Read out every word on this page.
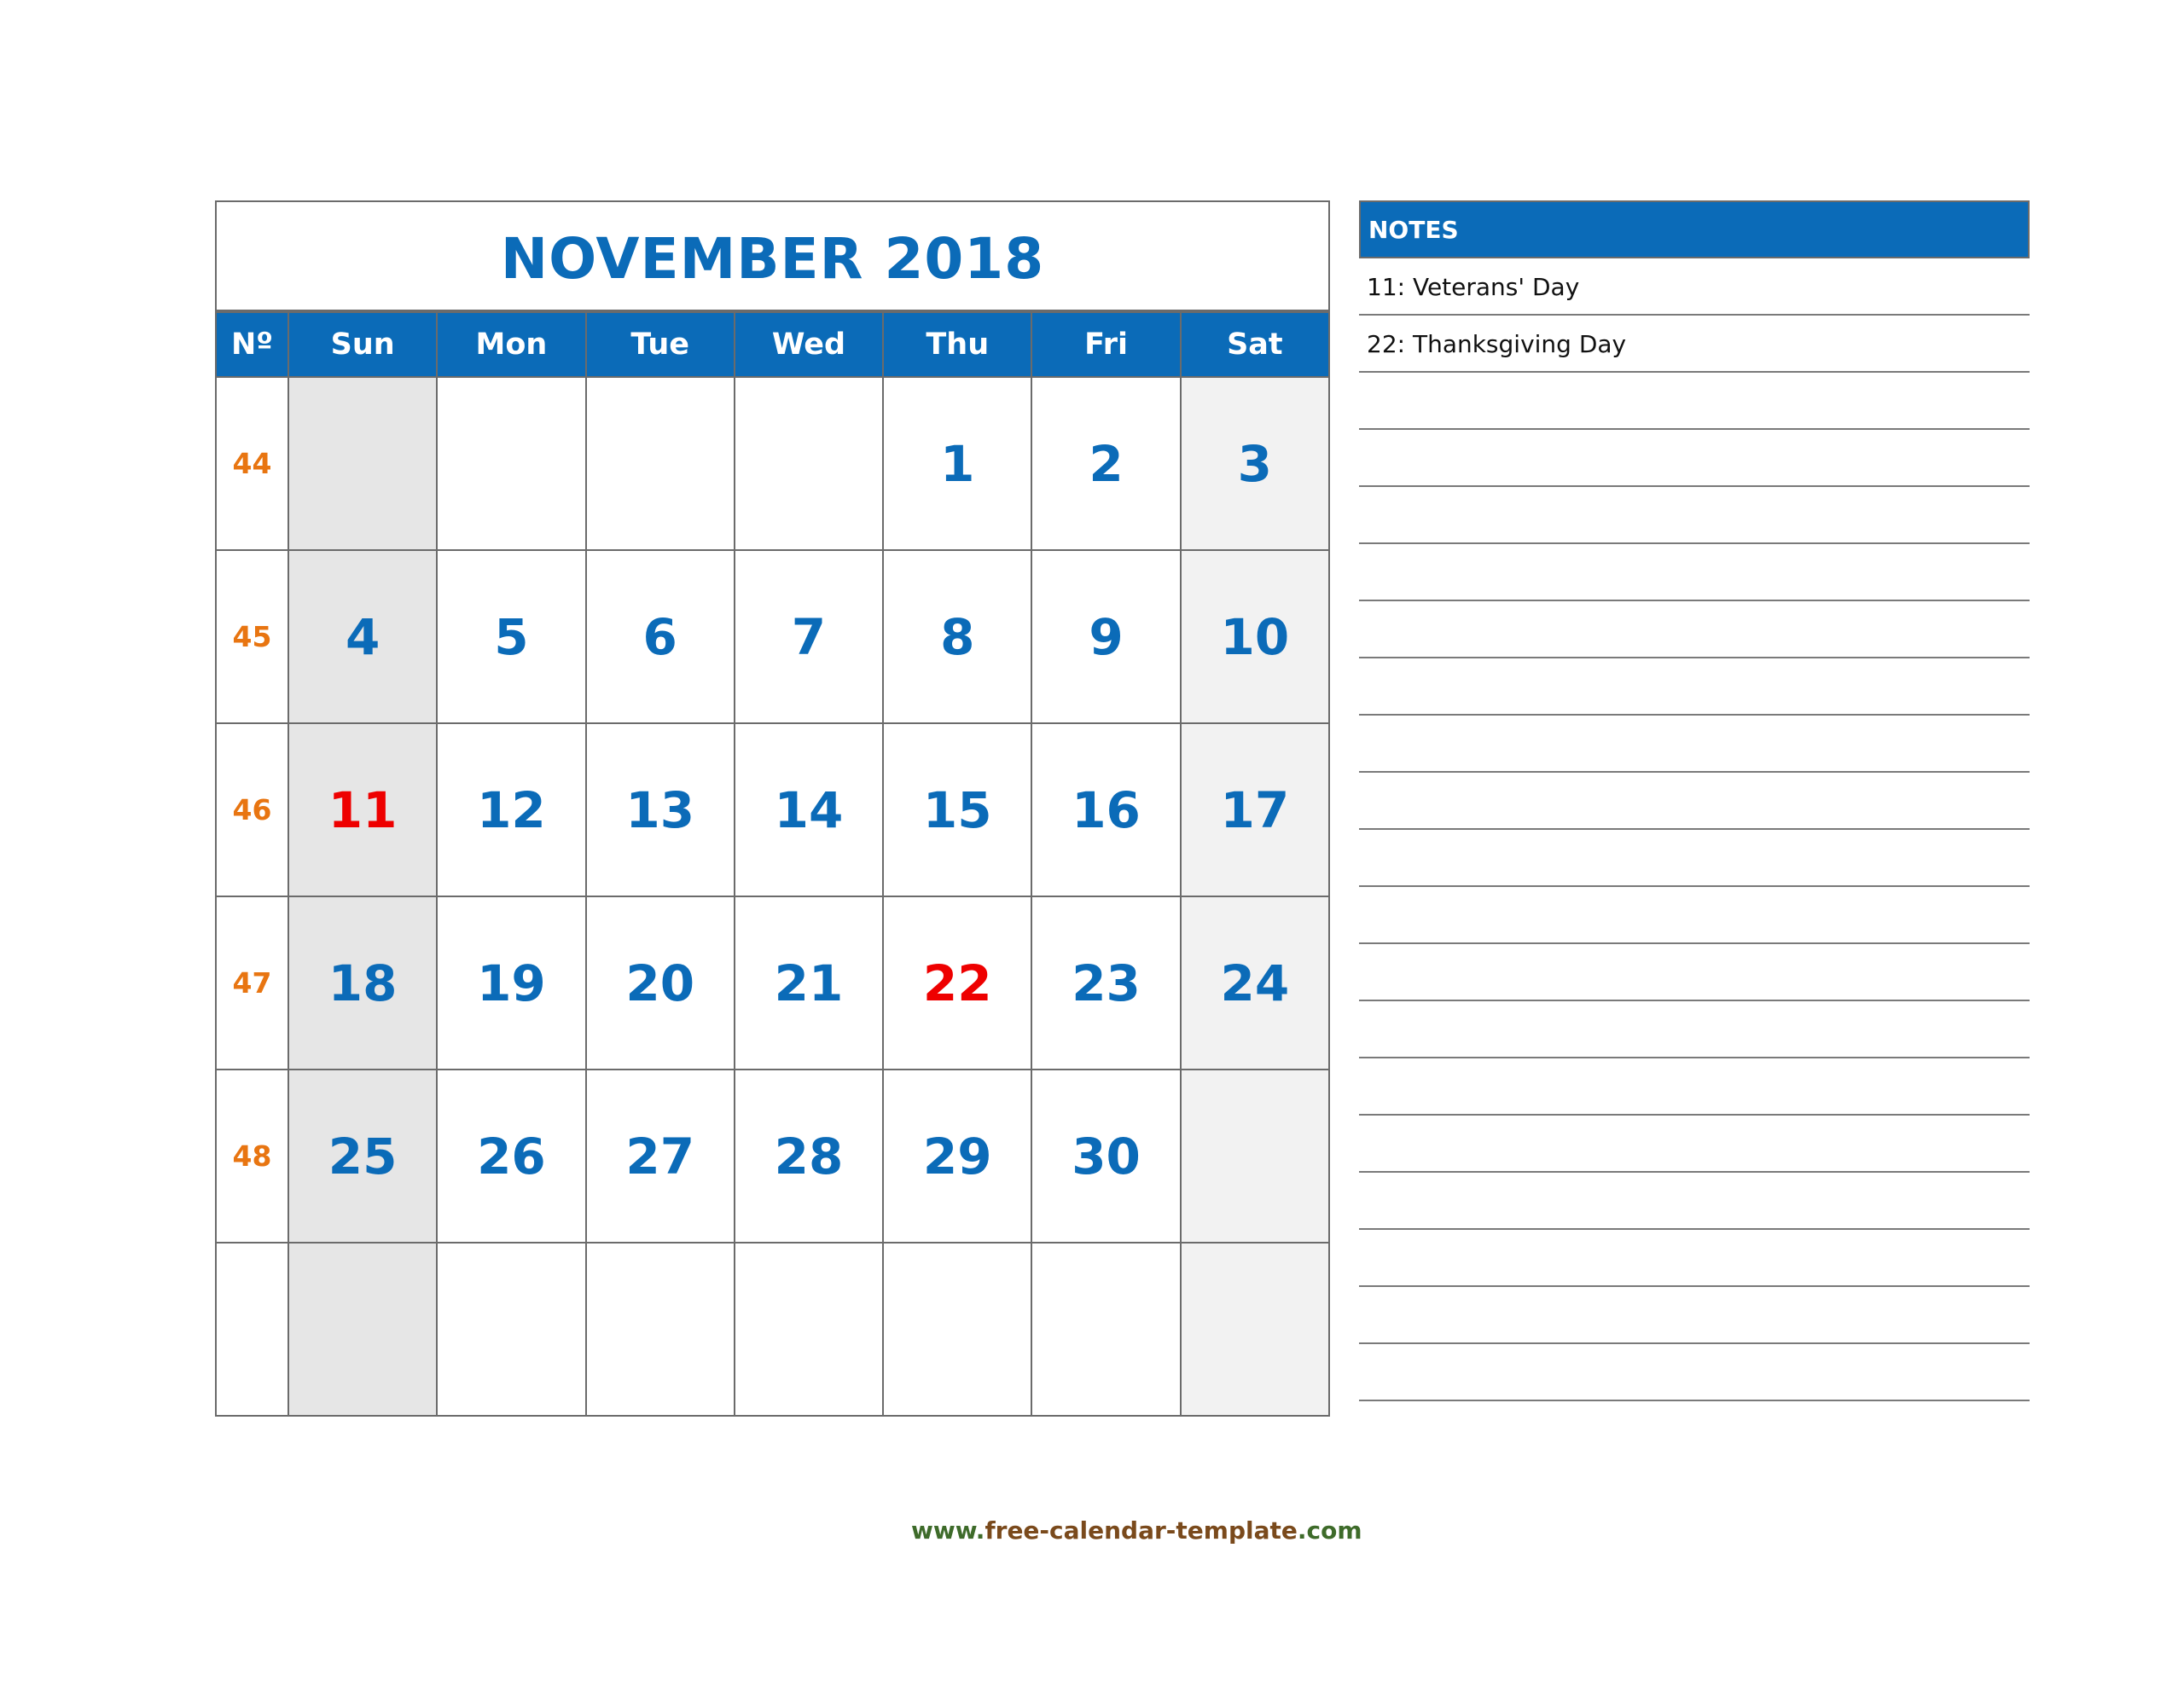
NOVEMBER 2018
Nº	Sun	Mon	Tue	Wed	Thu	Fri	Sat
44					1	2	3
45	4	5	6	7	8	9	10
46	11	12	13	14	15	16	17
47	18	19	20	21	22	23	24
48	25	26	27	28	29	30	

NOTES
11: Veterans' Day
22: Thanksgiving Day
www.free-calendar-template.com
